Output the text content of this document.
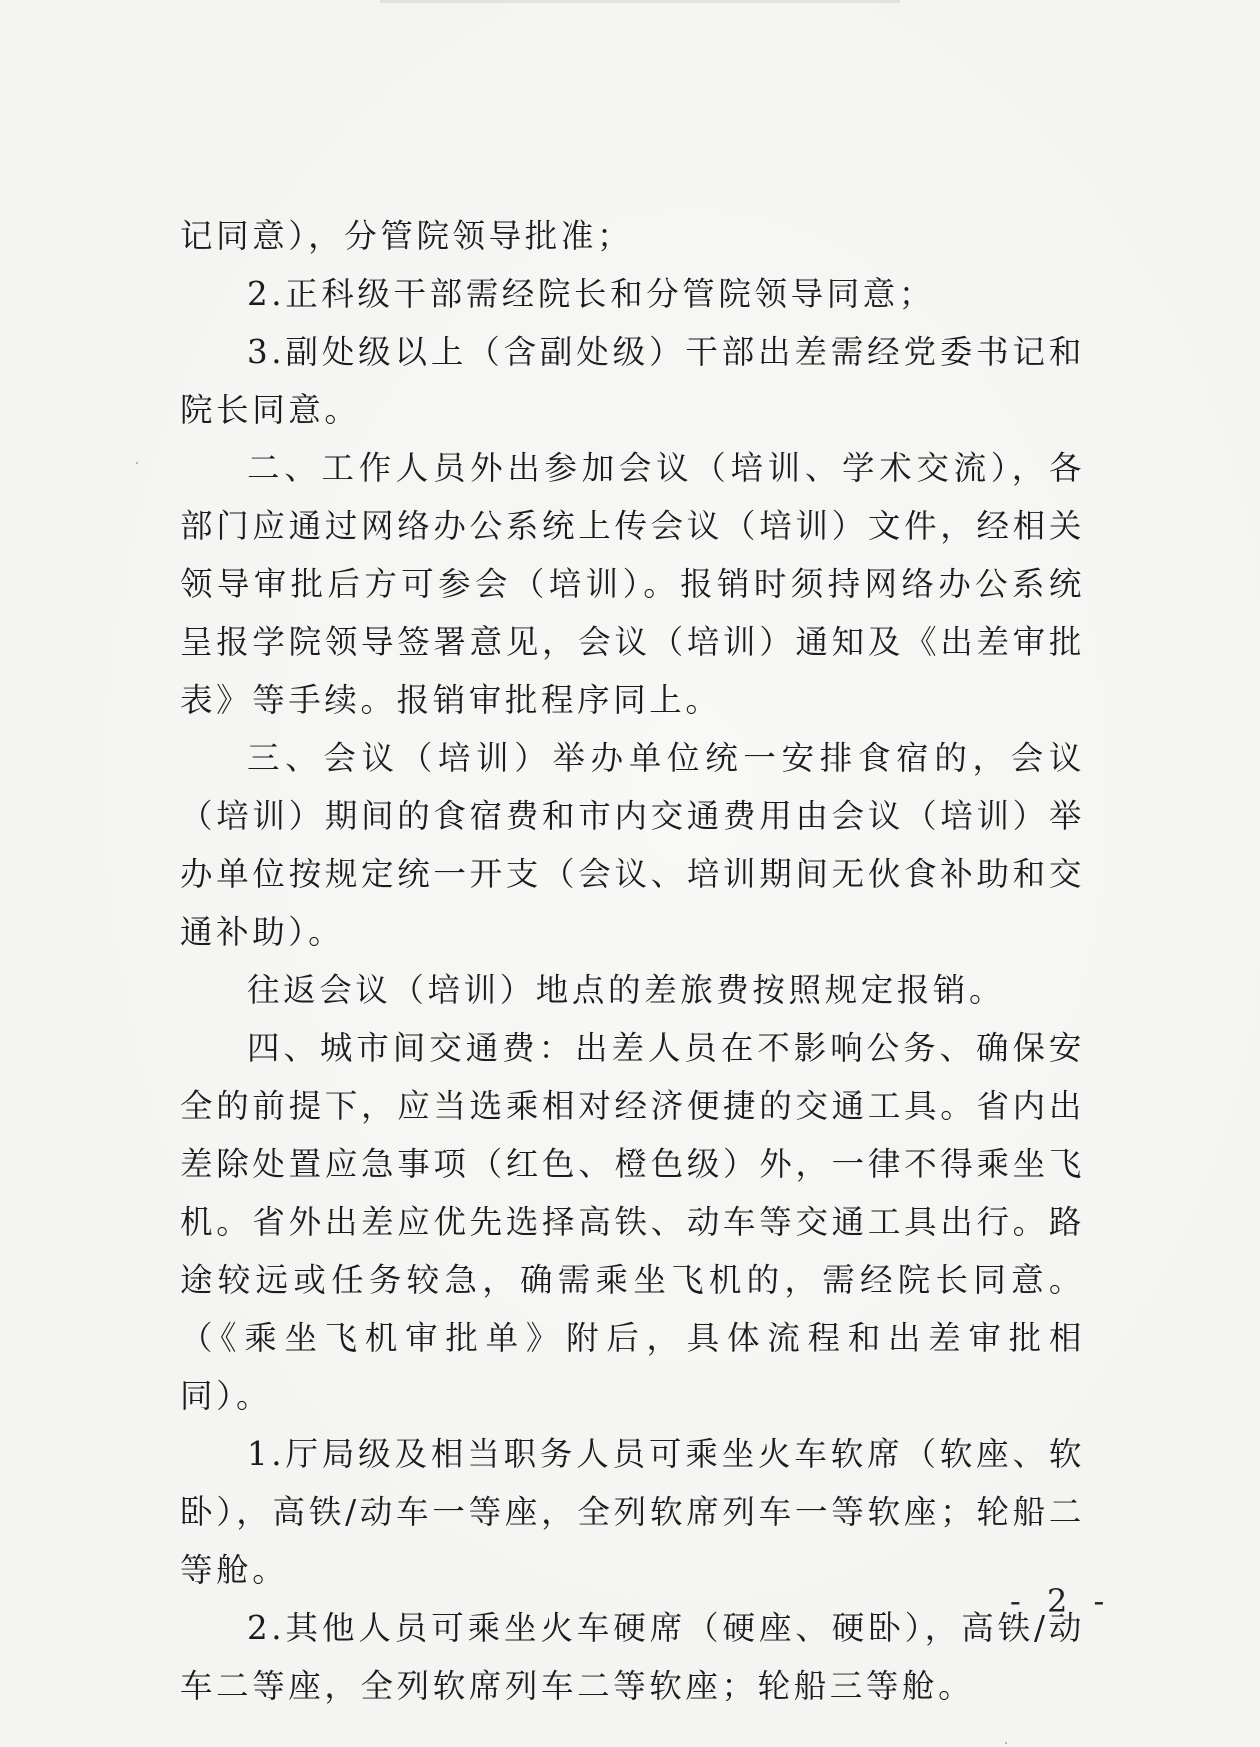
记同意），分管院领导批准；

2.正科级干部需经院长和分管院领导同意；

3.副处级以上（含副处级）干部出差需经党委书记和院长同意。

二、工作人员外出参加会议（培训、学术交流），各部门应通过网络办公系统上传会议（培训）文件，经相关领导审批后方可参会（培训）。报销时须持网络办公系统呈报学院领导签署意见，会议（培训）通知及《出差审批表》等手续。报销审批程序同上。

三、会议（培训）举办单位统一安排食宿的，会议（培训）期间的食宿费和市内交通费用由会议（培训）举办单位按规定统一开支（会议、培训期间无伙食补助和交通补助）。

往返会议（培训）地点的差旅费按照规定报销。

四、城市间交通费：出差人员在不影响公务、确保安全的前提下，应当选乘相对经济便捷的交通工具。省内出差除处置应急事项（红色、橙色级）外，一律不得乘坐飞机。省外出差应优先选择高铁、动车等交通工具出行。路途较远或任务较急，确需乘坐飞机的，需经院长同意。（《乘坐飞机审批单》附后，具体流程和出差审批相同）。

1.厅局级及相当职务人员可乘坐火车软席（软座、软卧），高铁/动车一等座，全列软席列车一等软座；轮船二等舱。

2.其他人员可乘坐火车硬席（硬座、硬卧），高铁/动车二等座，全列软席列车二等软座；轮船三等舱。

- 2 -
